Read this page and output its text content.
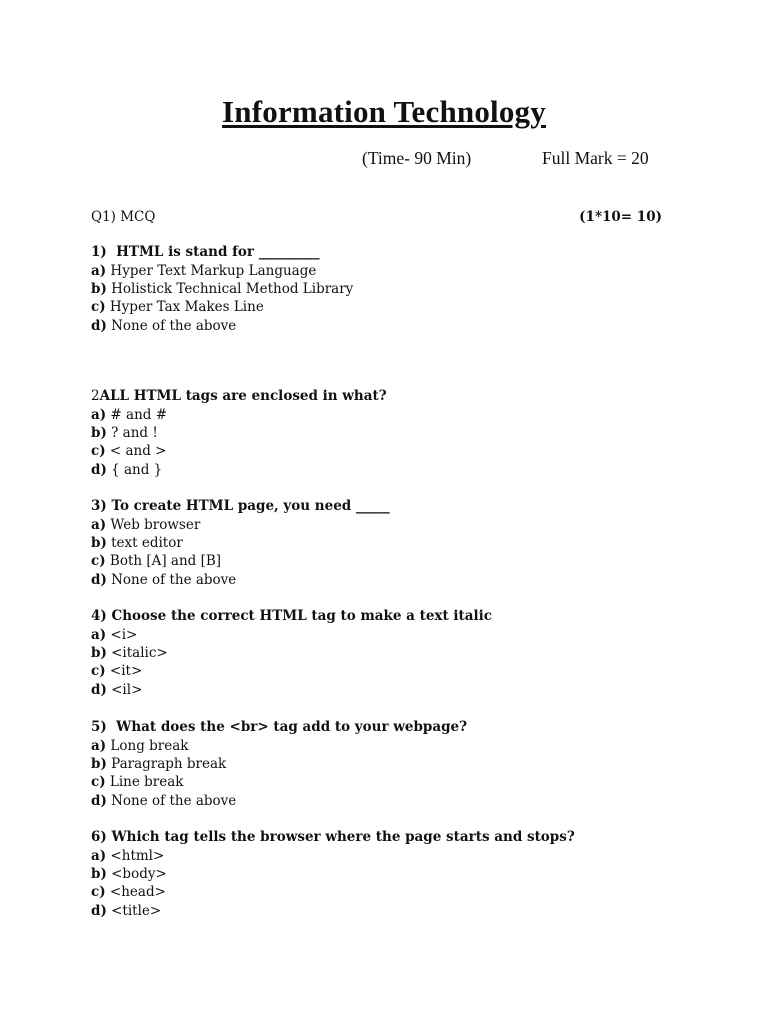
Information Technology
(Time- 90 Min)	Full Mark = 20
Q1) MCQ	(1*10= 10)
1)  HTML is stand for _________
a) Hyper Text Markup Language
b) Holistick Technical Method Library
c) Hyper Tax Makes Line
d) None of the above
2ALL HTML tags are enclosed in what?
a) # and #
b) ? and !
c) < and >
d) { and }
3) To create HTML page, you need _____
a) Web browser
b) text editor
c) Both [A] and [B]
d) None of the above
4) Choose the correct HTML tag to make a text italic
a) <i>
b) <italic>
c) <it>
d) <il>
5)  What does the <br> tag add to your webpage?
a) Long break
b) Paragraph break
c) Line break
d) None of the above
6) Which tag tells the browser where the page starts and stops?
a) <html>
b) <body>
c) <head>
d) <title>
